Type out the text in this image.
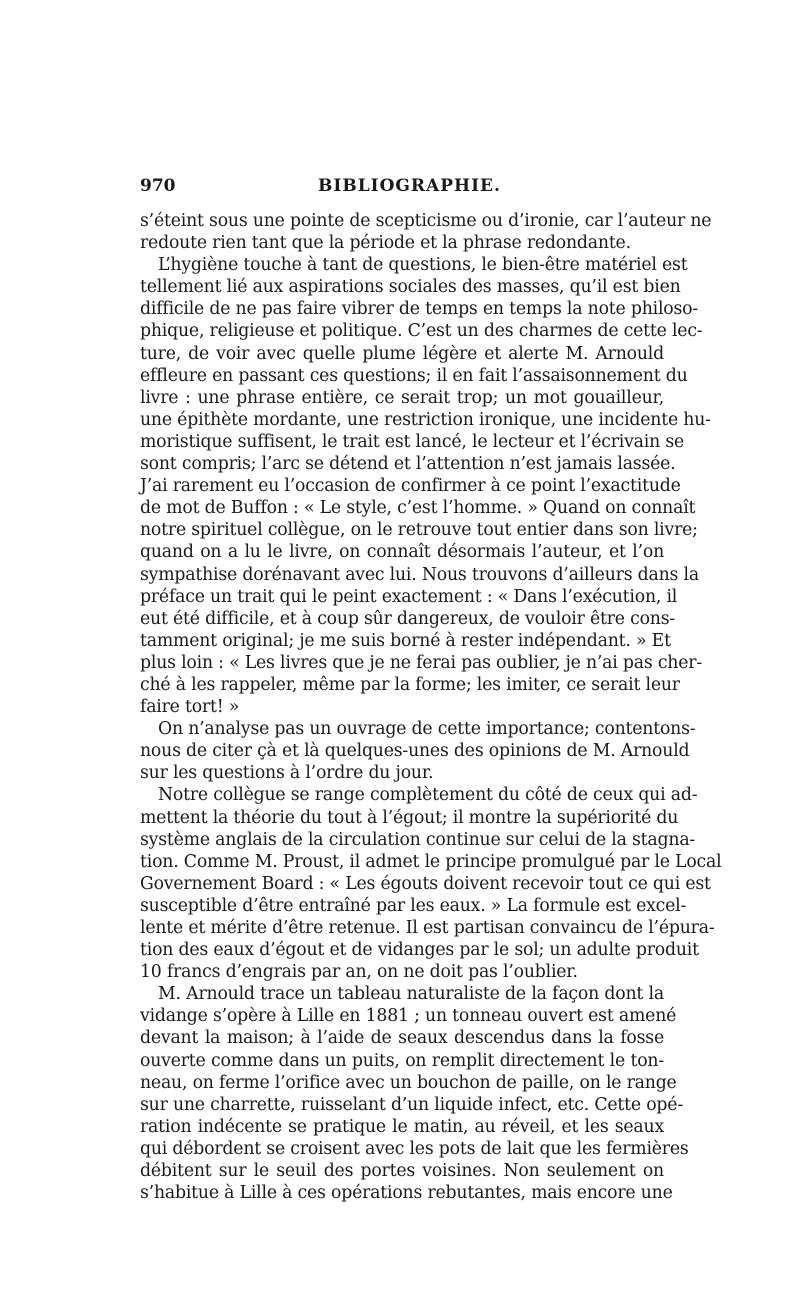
970	BIBLIOGRAPHIE.
s’éteint sous une pointe de scepticisme ou d’ironie, car l’auteur ne
redoute rien tant que la période et la phrase redondante.
L’hygiène touche à tant de questions, le bien-être matériel est
tellement lié aux aspirations sociales des masses, qu’il est bien
difficile de ne pas faire vibrer de temps en temps la note philoso-
phique, religieuse et politique. C’est un des charmes de cette lec-
ture, de voir avec quelle plume légère et alerte M. Arnould
effleure en passant ces questions; il en fait l’assaisonnement du
livre : une phrase entière, ce serait trop; un mot gouailleur,
une épithète mordante, une restriction ironique, une incidente hu-
moristique suffisent, le trait est lancé, le lecteur et l’écrivain se
sont compris; l’arc se détend et l’attention n’est jamais lassée.
J’ai rarement eu l’occasion de confirmer à ce point l’exactitude
de mot de Buffon : « Le style, c’est l’homme. » Quand on connaît
notre spirituel collègue, on le retrouve tout entier dans son livre;
quand on a lu le livre, on connaît désormais l’auteur, et l’on
sympathise dorénavant avec lui. Nous trouvons d’ailleurs dans la
préface un trait qui le peint exactement : « Dans l’exécution, il
eut été difficile, et à coup sûr dangereux, de vouloir être cons-
tamment original; je me suis borné à rester indépendant. » Et
plus loin : « Les livres que je ne ferai pas oublier, je n’ai pas cher-
ché à les rappeler, même par la forme; les imiter, ce serait leur
faire tort! »
On n’analyse pas un ouvrage de cette importance; contentons-
nous de citer çà et là quelques-unes des opinions de M. Arnould
sur les questions à l’ordre du jour.
Notre collègue se range complètement du côté de ceux qui ad-
mettent la théorie du tout à l’égout; il montre la supériorité du
système anglais de la circulation continue sur celui de la stagna-
tion. Comme M. Proust, il admet le principe promulgué par le Local
Governement Board : « Les égouts doivent recevoir tout ce qui est
susceptible d’être entraîné par les eaux. » La formule est excel-
lente et mérite d’être retenue. Il est partisan convaincu de l’épura-
tion des eaux d’égout et de vidanges par le sol; un adulte produit
10 francs d’engrais par an, on ne doit pas l’oublier.
M. Arnould trace un tableau naturaliste de la façon dont la
vidange s’opère à Lille en 1881 ; un tonneau ouvert est amené
devant la maison; à l’aide de seaux descendus dans la fosse
ouverte comme dans un puits, on remplit directement le ton-
neau, on ferme l’orifice avec un bouchon de paille, on le range
sur une charrette, ruisselant d’un liquide infect, etc. Cette opé-
ration indécente se pratique le matin, au réveil, et les seaux
qui débordent se croisent avec les pots de lait que les fermières
débitent sur le seuil des portes voisines. Non seulement on
s’habitue à Lille à ces opérations rebutantes, mais encore une
